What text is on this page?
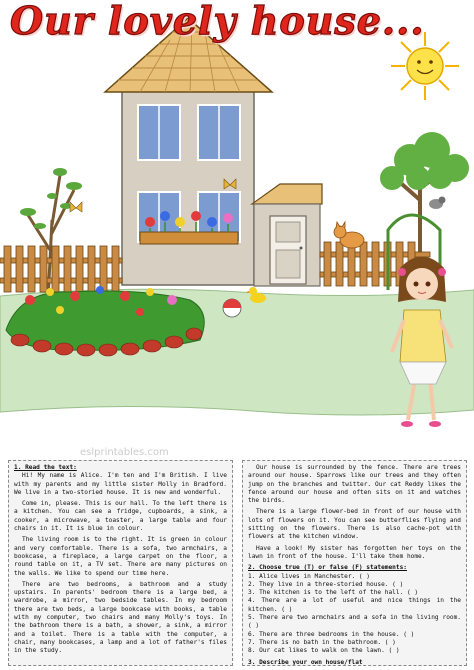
eslprintables.com
Our lovely house...
1. Read the text:

Hi! My name is Alice. I'm ten and I'm British. I live with my parents and my little sister Molly in Bradford. We live in a two-storied house. It is new and wonderful.

Come in, please. This is our hall. To the left there is a kitchen. You can see a fridge, cupboards, a sink, a cooker, a microwave, a toaster, a large table and four chairs in it. It is blue in colour.

The living room is to the right. It is green in colour and very comfortable. There is a sofa, two armchairs, a bookcase, a fireplace, a large carpet on the floor, a round table on it, a TV set. There are many pictures on the walls. We like to spend our time here.

There are two bedrooms, a bathroom and a study upstairs. In parents' bedroom there is a large bed, a wardrobe, a mirror, two bedside tables. In my bedroom there are two beds, a large bookcase with books, a table with my computer, two chairs and many Molly's toys. In the bathroom there is a bath, a shower, a sink, a mirror and a toilet. There is a table with the computer, a chair, many bookcases, a lamp and a lot of father's files in the study.

Our house is surrounded by the fence. There are trees around our house. Sparrows like our trees and they often jump on the branches and twitter. Our cat Reddy likes the fence around our house and often sits on it and watches the birds.

There is a large flower-bed in front of our house with lots of flowers on it. You can see butterflies flying and sitting on the flowers. There is also cache-pot with flowers at the kitchen window.

Have a look! My sister has forgotten her toys on the lawn in front of the house. I'll take them home.

2. Choose true (T) or false (F) statements:

1. Alice lives in Manchester. ( )

2. They live in a three-storied house. ( )

3. The kitchen is to the left of the hall. ( )

4. There are a lot of useful and nice things in the kitchen. ( )

5. There are two armchairs and a sofa in the living room. ( )

6. There are three bedrooms in the house. ( )

7. There is no bath in the bathroom. ( )

8. Our cat likes to walk on the lawn. ( )

3. Describe your own house/flat
